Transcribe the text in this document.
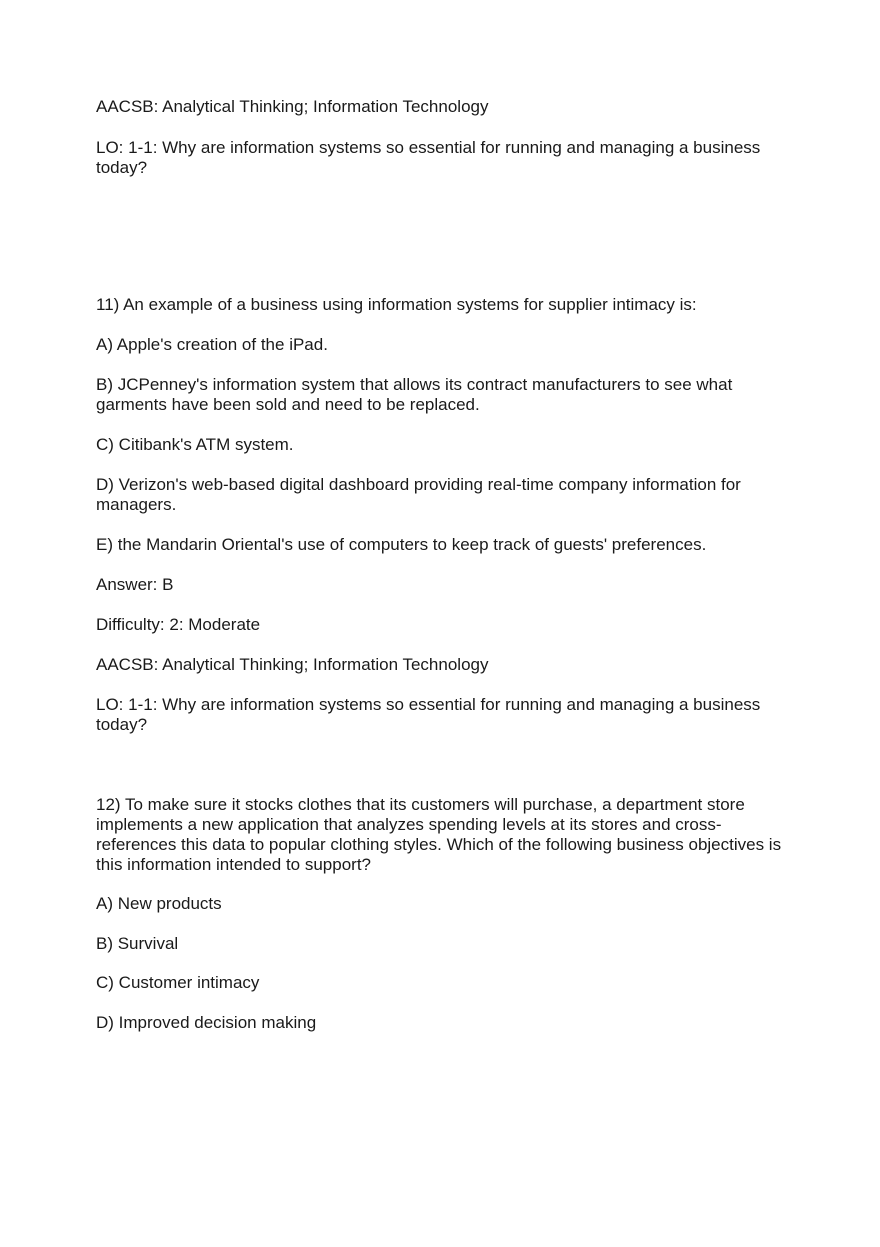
AACSB: Analytical Thinking; Information Technology

LO: 1-1: Why are information systems so essential for running and managing a business today?

11) An example of a business using information systems for supplier intimacy is:

A) Apple's creation of the iPad.

B) JCPenney's information system that allows its contract manufacturers to see what garments have been sold and need to be replaced.

C) Citibank's ATM system.

D) Verizon's web-based digital dashboard providing real-time company information for managers.

E) the Mandarin Oriental's use of computers to keep track of guests' preferences.

Answer: B

Difficulty: 2: Moderate

AACSB: Analytical Thinking; Information Technology

LO: 1-1: Why are information systems so essential for running and managing a business today?

12) To make sure it stocks clothes that its customers will purchase, a department store implements a new application that analyzes spending levels at its stores and cross-references this data to popular clothing styles. Which of the following business objectives is this information intended to support?

A) New products

B) Survival

C) Customer intimacy

D) Improved decision making
